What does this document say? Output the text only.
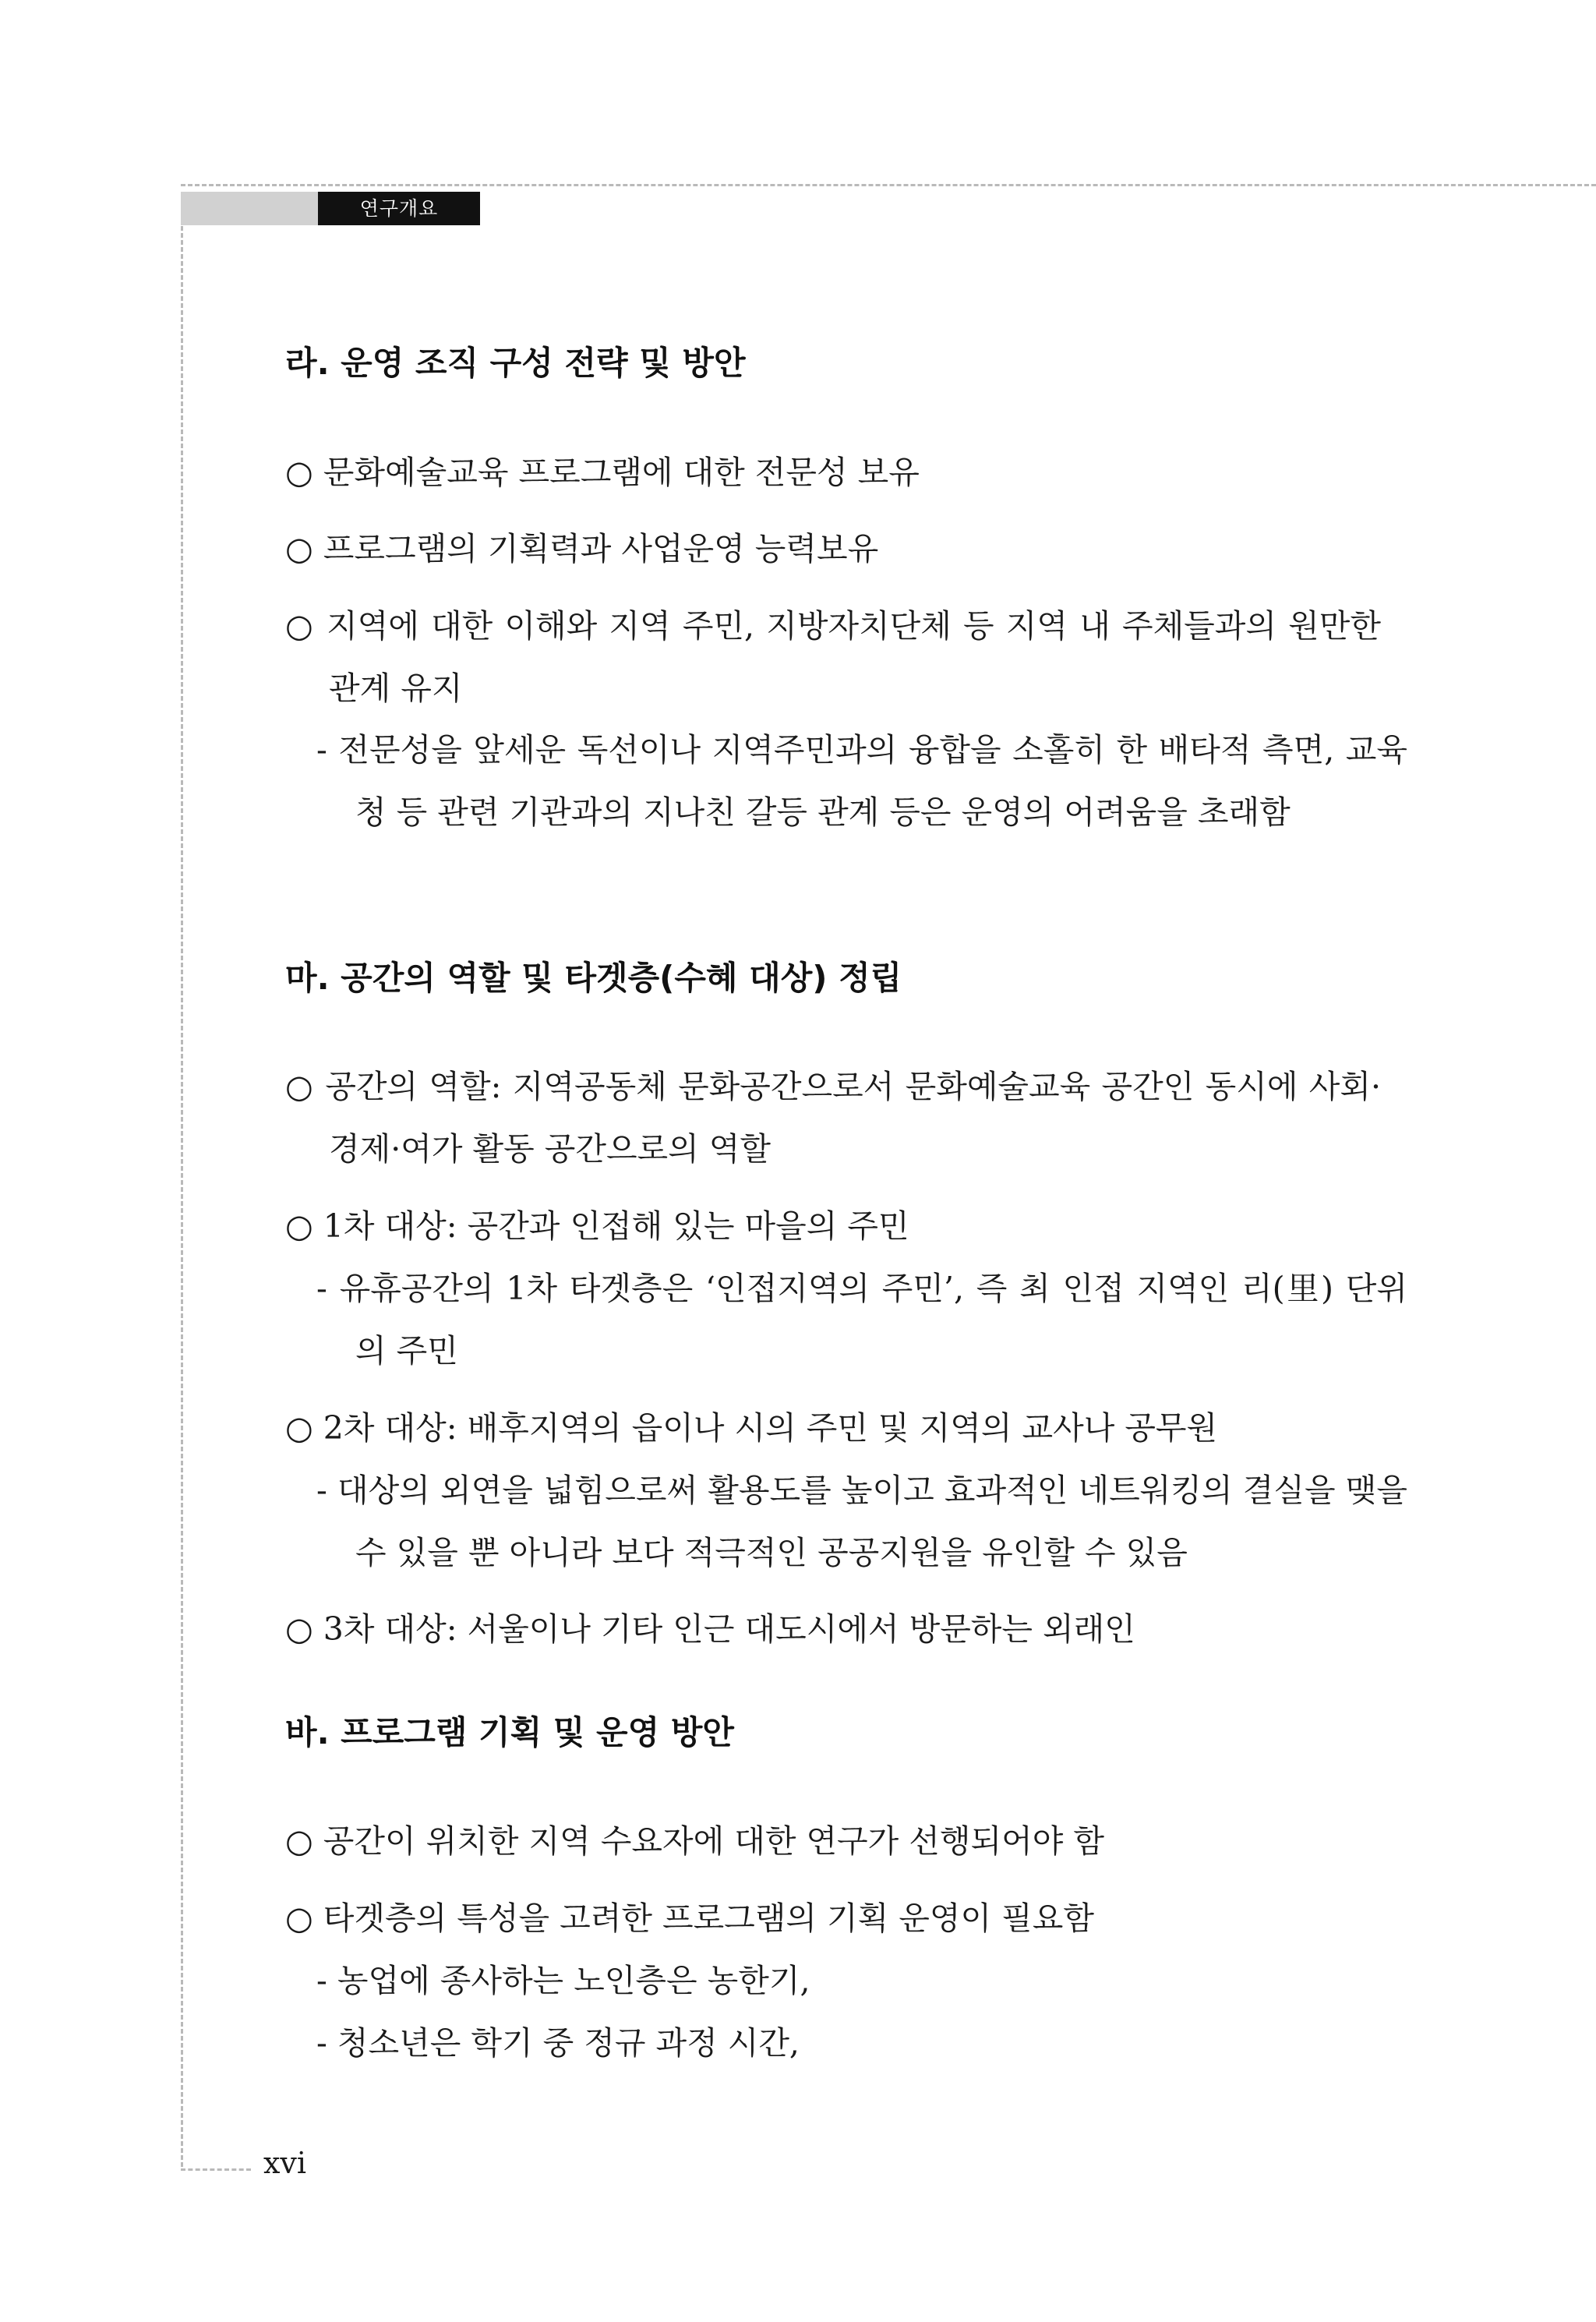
연구개요
라. 운영 조직 구성 전략 및 방안

○ 문화예술교육 프로그램에 대한 전문성 보유

○ 프로그램의 기획력과 사업운영 능력보유

○ 지역에 대한 이해와 지역 주민, 지방자치단체 등 지역 내 주체들과의 원만한 관계 유지

- 전문성을 앞세운 독선이나 지역주민과의 융합을 소홀히 한 배타적 측면, 교육청 등 관련 기관과의 지나친 갈등 관계 등은 운영의 어려움을 초래함

마. 공간의 역할 및 타겟층(수혜 대상) 정립

○ 공간의 역할: 지역공동체 문화공간으로서 문화예술교육 공간인 동시에 사회·경제·여가 활동 공간으로의 역할

○ 1차 대상: 공간과 인접해 있는 마을의 주민

- 유휴공간의 1차 타겟층은 ‘인접지역의 주민’, 즉 최 인접 지역인 리(里) 단위의 주민

○ 2차 대상: 배후지역의 읍이나 시의 주민 및 지역의 교사나 공무원

- 대상의 외연을 넓힘으로써 활용도를 높이고 효과적인 네트워킹의 결실을 맺을 수 있을 뿐 아니라 보다 적극적인 공공지원을 유인할 수 있음

○ 3차 대상: 서울이나 기타 인근 대도시에서 방문하는 외래인

바. 프로그램 기획 및 운영 방안

○ 공간이 위치한 지역 수요자에 대한 연구가 선행되어야 함

○ 타겟층의 특성을 고려한 프로그램의 기획 운영이 필요함

- 농업에 종사하는 노인층은 농한기,

- 청소년은 학기 중 정규 과정 시간,

xvi
